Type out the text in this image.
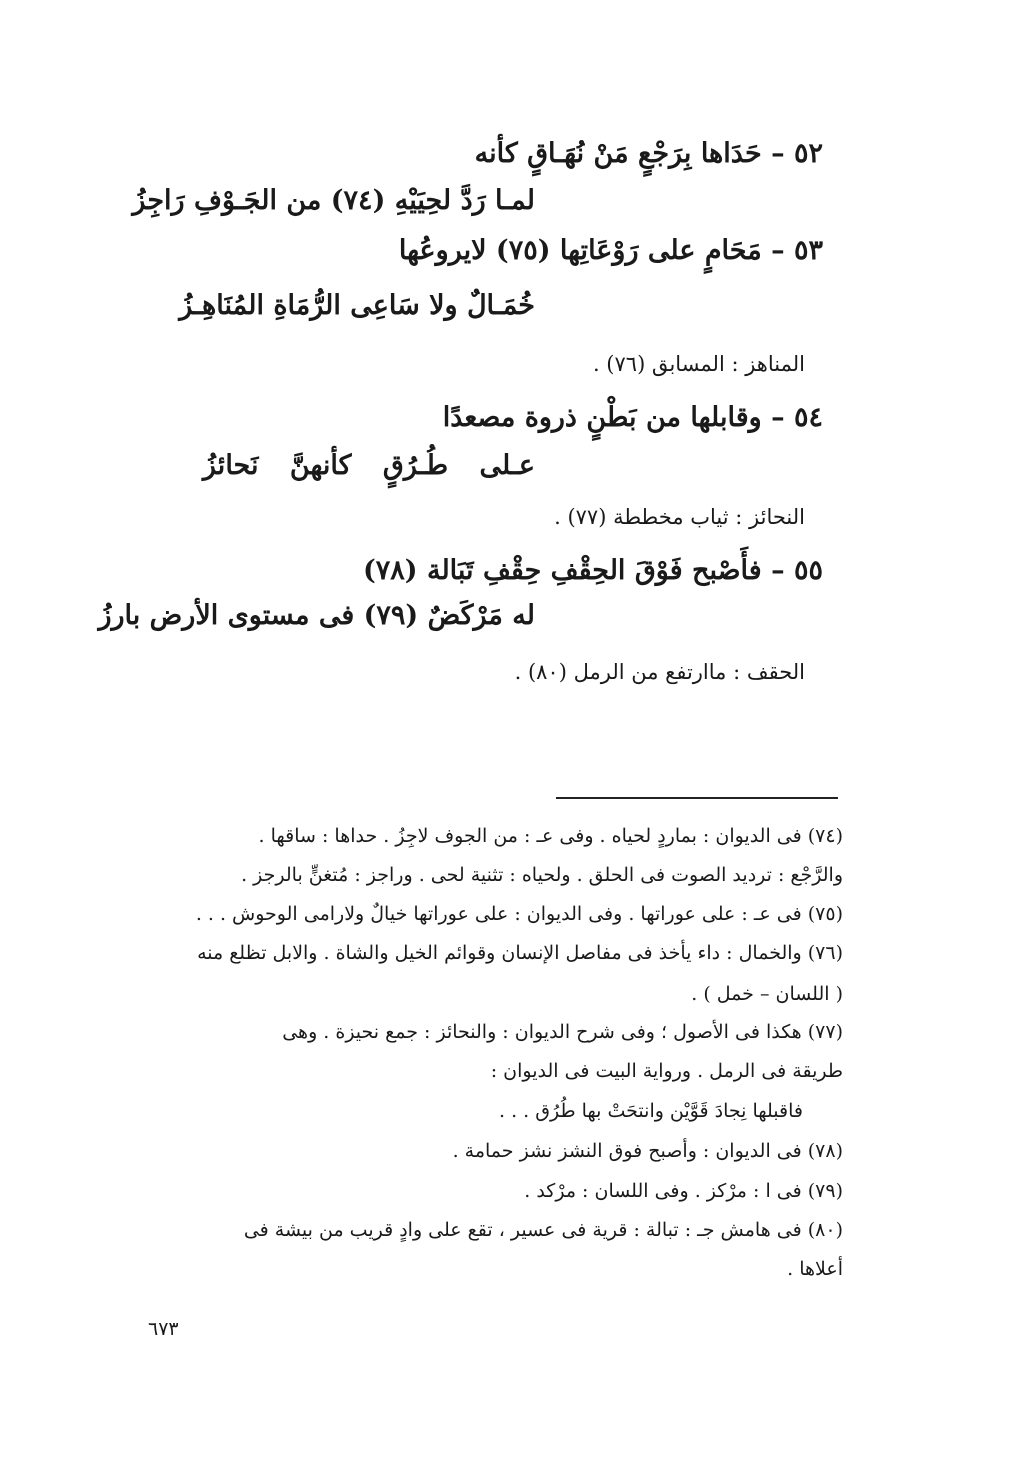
٥٢ – حَدَاها بِرَجْعٍ مَنْ نُهَـاقٍ كأنه
لمـا رَدَّ لحِيَيْهِ (٧٤) من الجَـوْفِ رَاجِزُ
٥٣ – مَحَامٍ على رَوْعَاتِها (٧٥) لايروعُها
خُمَـالٌ ولا سَاعِى الرُّمَاةِ المُنَاهِـزُ
المناهز : المسابق (٧٦) .
٥٤ – وقابلها من بَطْنٍ ذروة مصعدًا
عـلى طُـرُقٍ كأنهنَّ نَحائزُ
النحائز : ثياب مخططة (٧٧) .
٥٥ – فأَصْبح فَوْقَ الحِقْفِ حِقْفِ تَبَالة (٧٨)
له مَرْكَضٌ (٧٩) فى مستوى الأرض بارزُ
الحقف : ماارتفع من الرمل (٨٠) .
(٧٤) فى الديوان : بماردٍ لحياه . وفى عـ : من الجوف لاجِزُ . حداها : ساقها .
والرَّجْع : ترديد الصوت فى الحلق . ولحياه : تثنية لحى . وراجز : مُتغنٍّ بالرجز .
(٧٥) فى عـ : على عوراتها . وفى الديوان : على عوراتها خيالٌ ولارامى الوحوش . . .
(٧٦) والخمال : داء يأخذ فى مفاصل الإنسان وقوائم الخيل والشاة . والابل تظلع منه
( اللسان – خمل ) .
(٧٧) هكذا فى الأصول ؛ وفى شرح الديوان : والنحائز : جمع نحيزة . وهى
طريقة فى الرمل . ورواية البيت فى الديوان :
فاقبلها نِجادَ قَوَّيْن وانتحَتْ بها طُرُق . . .
(٧٨) فى الديوان : وأصبح فوق النشز نشز حمامة .
(٧٩) فى ا : مرْكز . وفى اللسان : مرْكد .
(٨٠) فى هامش جـ : تبالة : قرية فى عسير ، تقع على وادٍ قريب من بيشة فى
أعلاها .
٦٧٣
